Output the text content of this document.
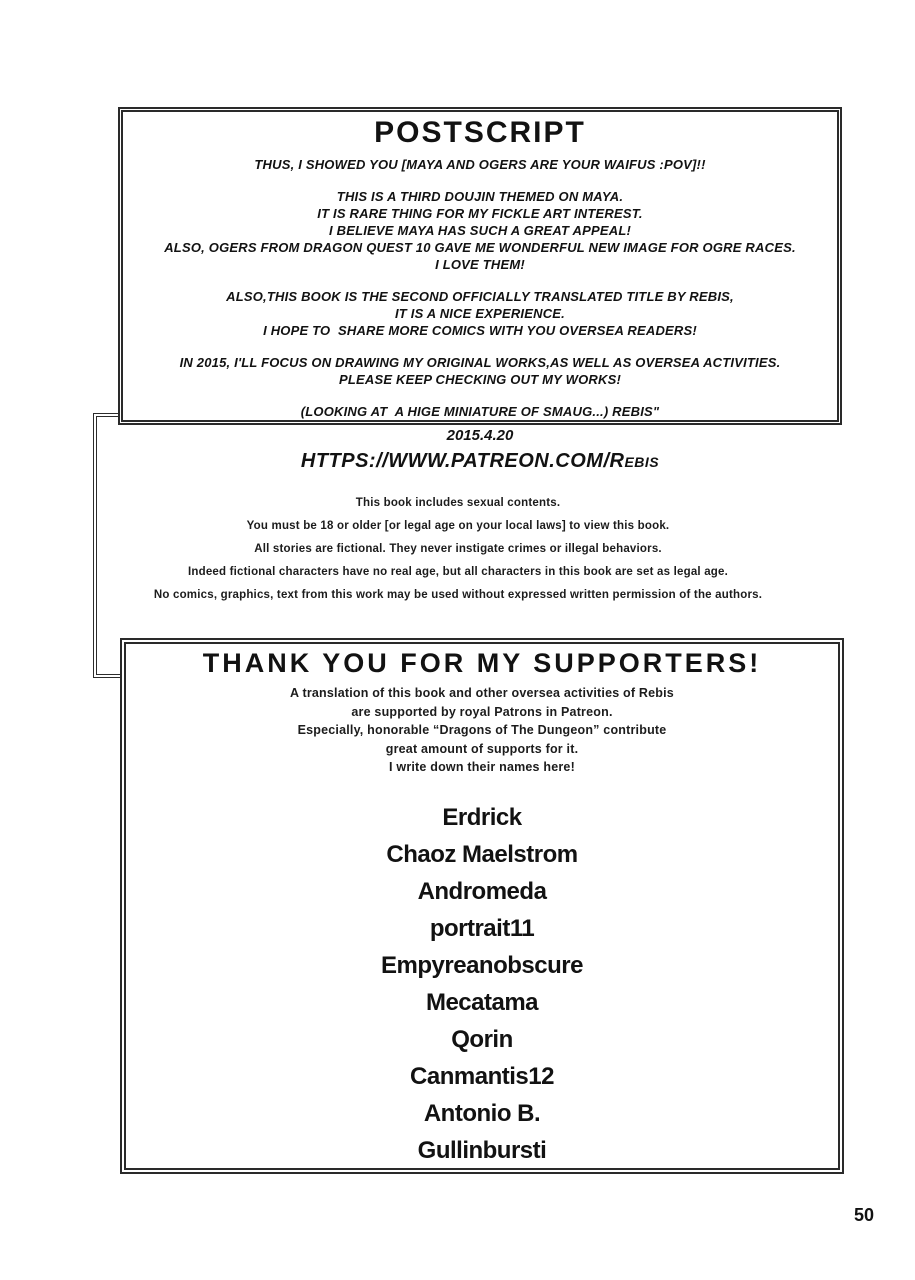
POSTSCRIPT
THUS, I SHOWED YOU [MAYA AND OGERS ARE YOUR WAIFUS :POV]!!
THIS IS A THIRD DOUJIN THEMED ON MAYA.
IT IS RARE THING FOR MY FICKLE ART INTEREST.
I BELIEVE MAYA HAS SUCH A GREAT APPEAL!
ALSO, OGERS FROM DRAGON QUEST 10 GAVE ME WONDERFUL NEW IMAGE FOR OGRE RACES.
I LOVE THEM!
ALSO,THIS BOOK IS THE SECOND OFFICIALLY TRANSLATED TITLE BY REBIS,
IT IS A NICE EXPERIENCE.
I HOPE TO  SHARE MORE COMICS WITH YOU OVERSEA READERS!
IN 2015, I'LL FOCUS ON DRAWING MY ORIGINAL WORKS,AS WELL AS OVERSEA ACTIVITIES.
PLEASE KEEP CHECKING OUT MY WORKS!
(LOOKING AT  A HIGE MINIATURE OF SMAUG...) REBIS"
2015.4.20
HTTPS://WWW.PATREON.COM/Rebis
This book includes sexual contents.
You must be 18 or older [or legal age on your local laws] to view this book.
All stories are fictional. They never instigate crimes or illegal behaviors.
Indeed fictional characters have no real age, but all characters in this book are set as legal age.
No comics, graphics, text from this work may be used without expressed written permission of the authors.
THANK YOU FOR MY SUPPORTERS!
A translation of this book and other oversea activities of Rebis
are supported by royal Patrons in Patreon.
Especially, honorable “Dragons of The Dungeon” contribute
great amount of supports for it.
I write down their names here!
Erdrick
Chaoz Maelstrom
Andromeda
portrait11
Empyreanobscure
Mecatama
Qorin
Canmantis12
Antonio B.
Gullinbursti
50
